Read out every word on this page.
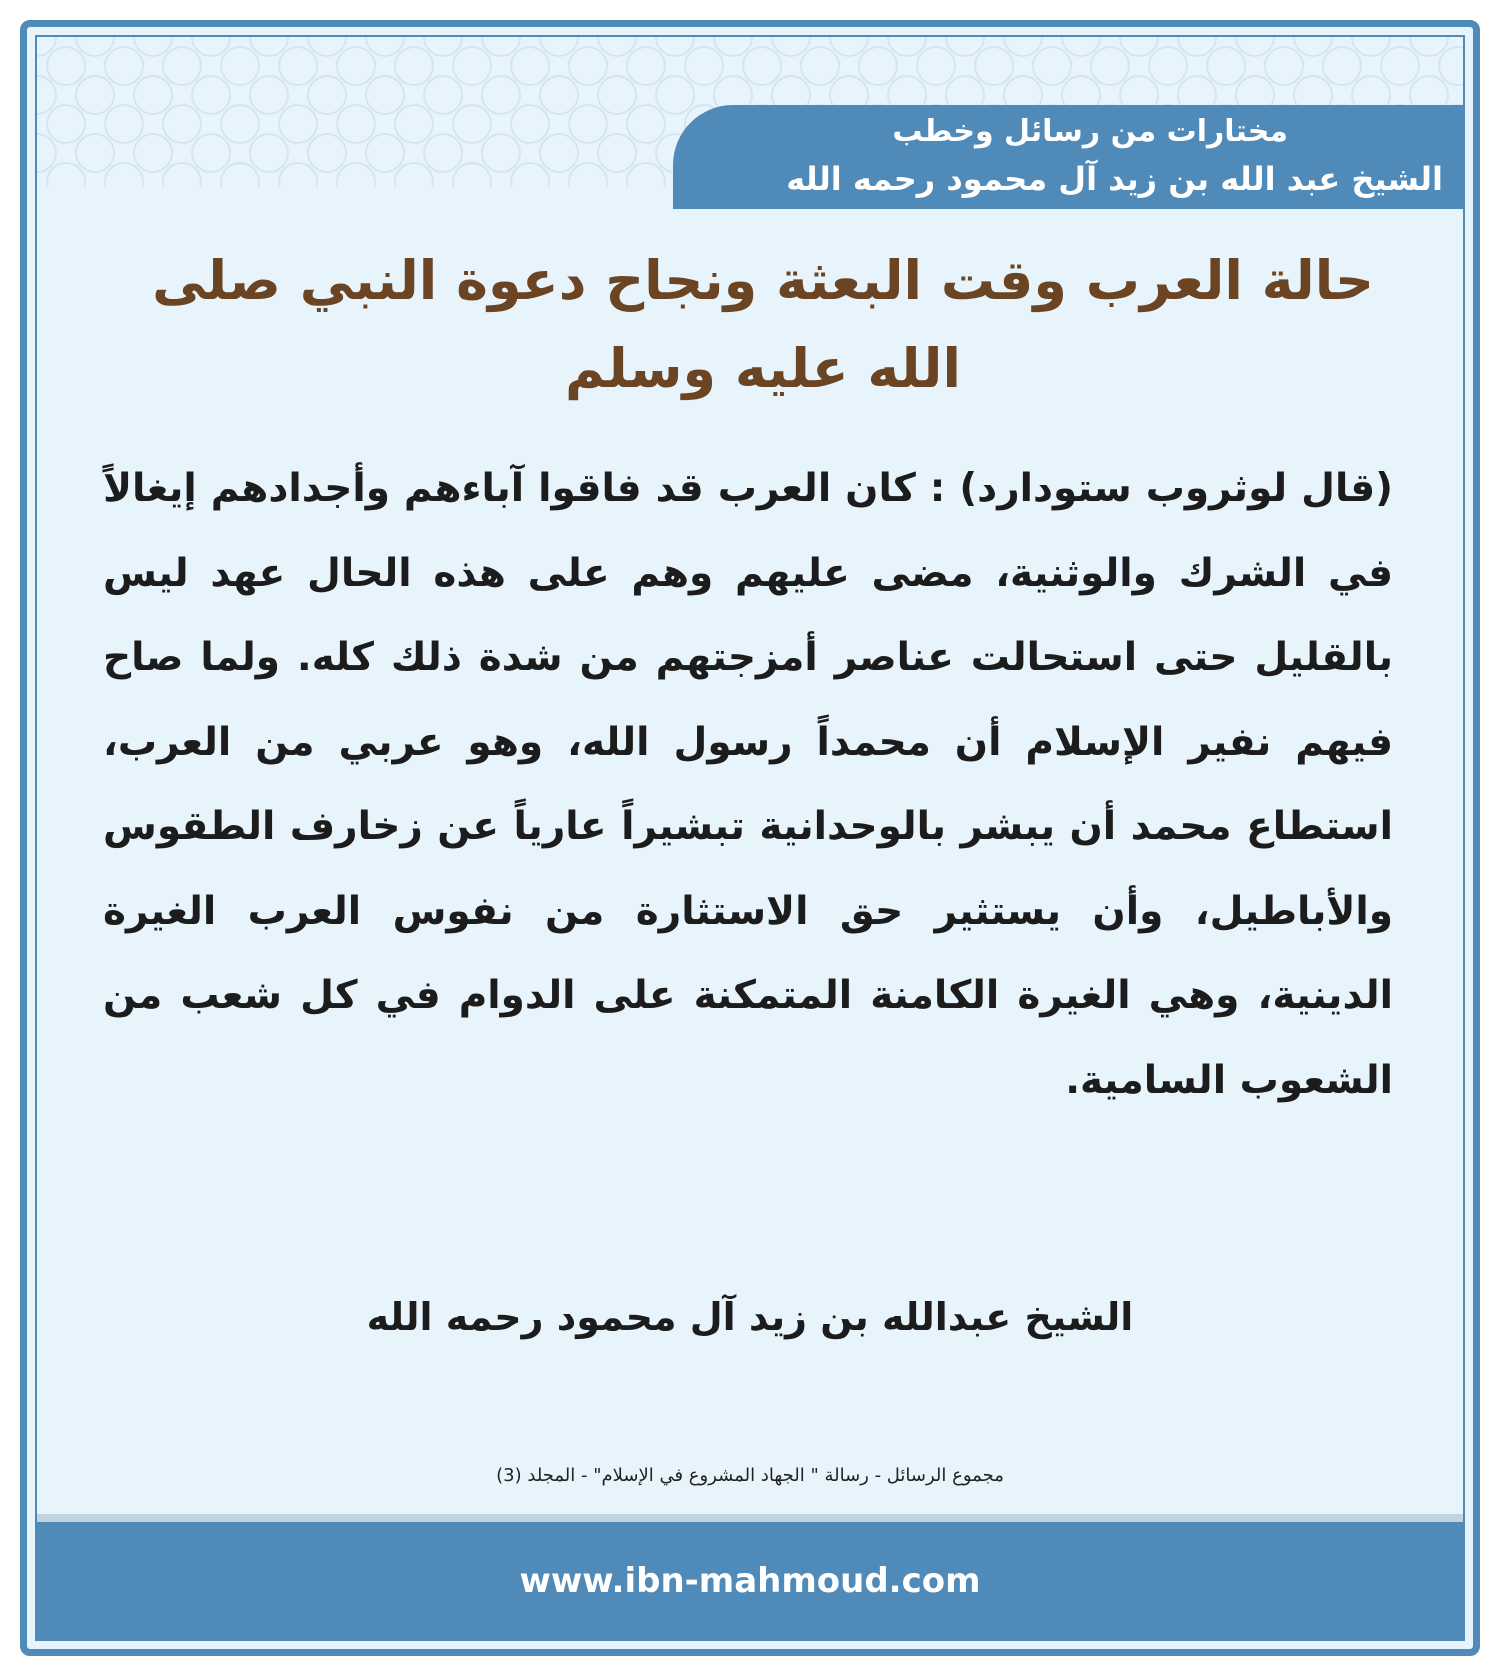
مختارات من رسائل وخطب
الشيخ عبد الله بن زيد آل محمود رحمه الله
حالة العرب وقت البعثة ونجاح دعوة النبي صلى الله عليه وسلم

(قال لوثروب ستودارد) : كان العرب قد فاقوا آباءهم وأجدادهم إيغالاً في الشرك والوثنية، مضى عليهم وهم على هذه الحال عهد ليس بالقليل حتى استحالت عناصر أمزجتهم من شدة ذلك كله. ولما صاح فيهم نفير الإسلام أن محمداً رسول الله، وهو عربي من العرب، استطاع محمد أن يبشر بالوحدانية تبشيراً عارياً عن زخارف الطقوس والأباطيل، وأن يستثير حق الاستثارة من نفوس العرب الغيرة الدينية، وهي الغيرة الكامنة المتمكنة على الدوام في كل شعب من الشعوب السامية.

الشيخ عبدالله بن زيد آل محمود رحمه الله
مجموع الرسائل - رسالة " الجهاد المشروع في الإسلام" - المجلد (3)
www.ibn-mahmoud.com
